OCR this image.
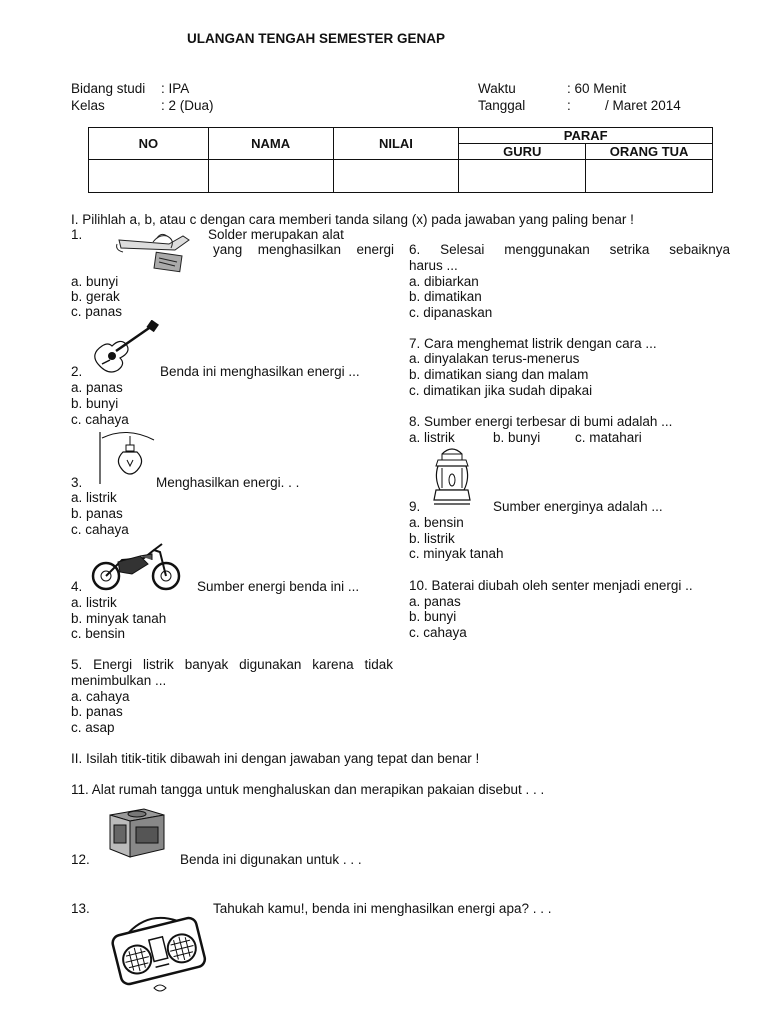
ULANGAN TENGAH SEMESTER GENAP
Bidang studi : IPA
Kelas	: 2 (Dua)
Waktu	: 60 Menit
Tanggal	:	/ Maret 2014
NO	NAMA	NILAI	PARAF	
			GURU	ORANG TUA

I. Pilihlah a, b, atau c dengan cara memberi tanda silang (x) pada jawaban yang paling benar !
1.	Solder merupakan alat
yang menghasilkan energi
a. bunyi
b. gerak
c. panas
2.	Benda ini menghasilkan energi ...
a. panas
b. bunyi
c. cahaya
3.	Menghasilkan energi. . .
a. listrik
b. panas
c. cahaya
4.	Sumber energi benda ini ...
a. listrik
b. minyak tanah
c. bensin
5. Energi listrik banyak digunakan karena tidak
menimbulkan ...
a. cahaya
b. panas
c. asap
6. Selesai menggunakan setrika sebaiknya
harus ...
a. dibiarkan
b. dimatikan
c. dipanaskan
7. Cara menghemat listrik dengan cara ...
a. dinyalakan terus-menerus
b. dimatikan siang dan malam
c. dimatikan jika sudah dipakai
8. Sumber energi terbesar di bumi adalah ...
a. listrik	b. bunyi	c. matahari
9.	Sumber energinya adalah ...
a. bensin
b. listrik
c. minyak tanah
10. Baterai diubah oleh senter menjadi energi ..
a. panas
b. bunyi
c. cahaya
II. Isilah titik-titik dibawah ini dengan jawaban yang tepat dan benar !
11. Alat rumah tangga untuk menghaluskan dan merapikan pakaian disebut . . .
12.	Benda ini digunakan untuk . . .
13.	Tahukah kamu!, benda ini menghasilkan energi apa? . . .
